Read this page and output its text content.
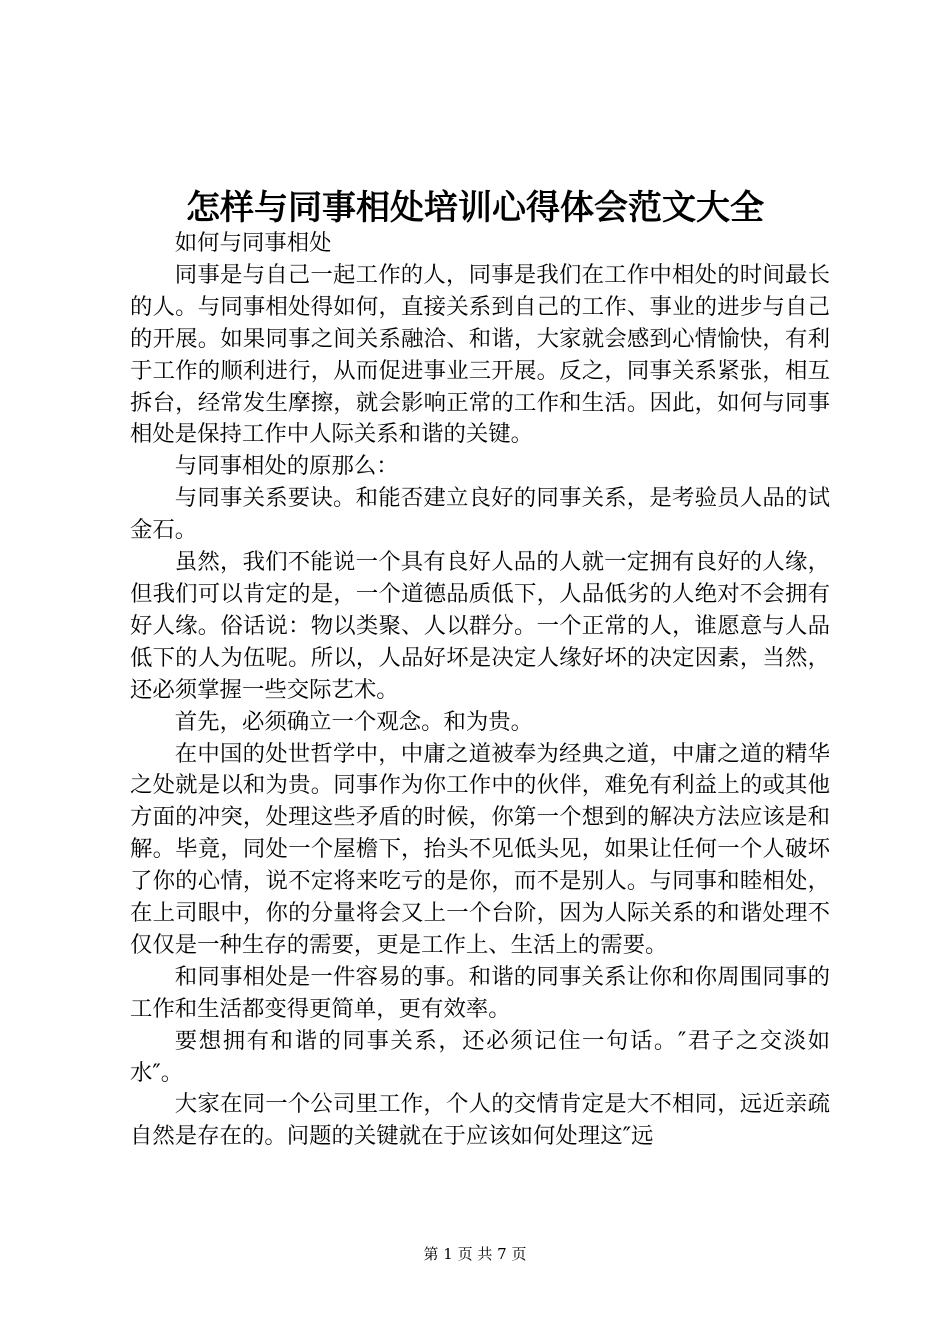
怎样与同事相处培训心得体会范文大全

如何与同事相处

同事是与自己一起工作的人，同事是我们在工作中相处的时间最长的人。与同事相处得如何，直接关系到自己的工作、事业的进步与自己的开展。如果同事之间关系融洽、和谐，大家就会感到心情愉快，有利于工作的顺利进行，从而促进事业三开展。反之，同事关系紧张，相互拆台，经常发生摩擦，就会影响正常的工作和生活。因此，如何与同事相处是保持工作中人际关系和谐的关键。

与同事相处的原那么：

与同事关系要诀。和能否建立良好的同事关系，是考验员人品的试金石。

虽然，我们不能说一个具有良好人品的人就一定拥有良好的人缘，但我们可以肯定的是，一个道德品质低下，人品低劣的人绝对不会拥有好人缘。俗话说：物以类聚、人以群分。一个正常的人，谁愿意与人品低下的人为伍呢。所以，人品好坏是决定人缘好坏的决定因素，当然，还必须掌握一些交际艺术。

首先，必须确立一个观念。和为贵。

在中国的处世哲学中，中庸之道被奉为经典之道，中庸之道的精华之处就是以和为贵。同事作为你工作中的伙伴，难免有利益上的或其他方面的冲突，处理这些矛盾的时候，你第一个想到的解决方法应该是和解。毕竟，同处一个屋檐下，抬头不见低头见，如果让任何一个人破坏了你的心情，说不定将来吃亏的是你，而不是别人。与同事和睦相处，在上司眼中，你的分量将会又上一个台阶，因为人际关系的和谐处理不仅仅是一种生存的需要，更是工作上、生活上的需要。

和同事相处是一件容易的事。和谐的同事关系让你和你周围同事的工作和生活都变得更简单，更有效率。

要想拥有和谐的同事关系，还必须记住一句话。″君子之交淡如水″。

大家在同一个公司里工作，个人的交情肯定是大不相同，远近亲疏自然是存在的。问题的关键就在于应该如何处理这″远

第 1 页 共 7 页
